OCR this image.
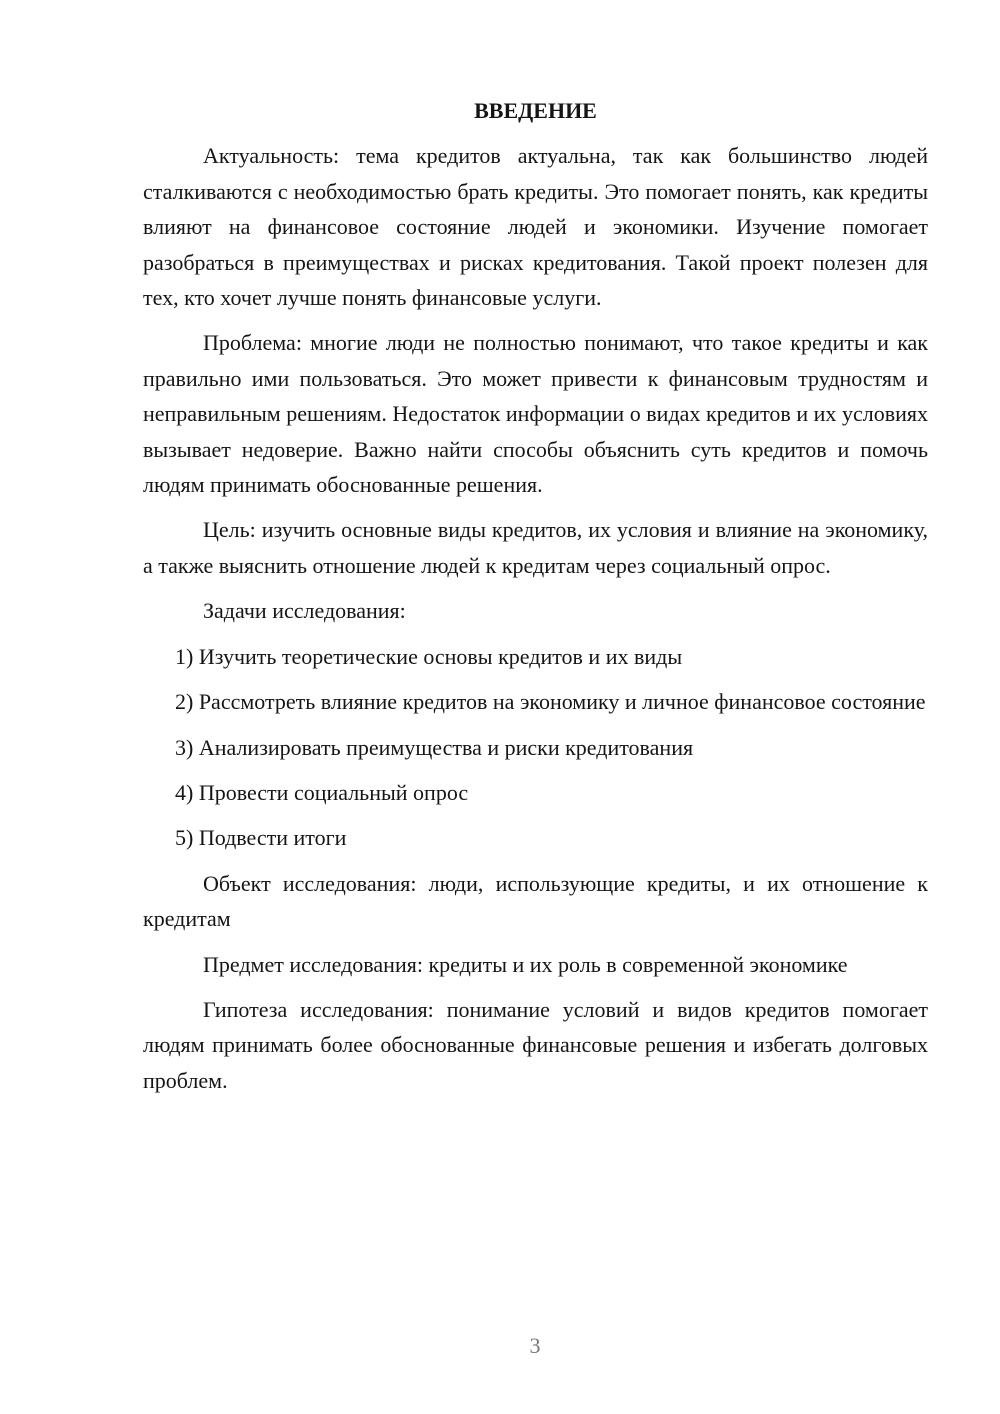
ВВЕДЕНИЕ
Актуальность: тема кредитов актуальна, так как большинство людей сталкиваются с необходимостью брать кредиты. Это помогает понять, как кредиты влияют на финансовое состояние людей и экономики. Изучение помогает разобраться в преимуществах и рисках кредитования. Такой проект полезен для тех, кто хочет лучше понять финансовые услуги.
Проблема: многие люди не полностью понимают, что такое кредиты и как правильно ими пользоваться. Это может привести к финансовым трудностям и неправильным решениям. Недостаток информации о видах кредитов и их условиях вызывает недоверие. Важно найти способы объяснить суть кредитов и помочь людям принимать обоснованные решения.
Цель: изучить основные виды кредитов, их условия и влияние на экономику, а также выяснить отношение людей к кредитам через социальный опрос.
Задачи исследования:
1) Изучить теоретические основы кредитов и их виды
2) Рассмотреть влияние кредитов на экономику и личное финансовое состояние
3) Анализировать преимущества и риски кредитования
4) Провести социальный опрос
5) Подвести итоги
Объект исследования: люди, использующие кредиты, и их отношение к кредитам
Предмет исследования: кредиты и их роль в современной экономике
Гипотеза исследования: понимание условий и видов кредитов помогает людям принимать более обоснованные финансовые решения и избегать долговых проблем.
3
